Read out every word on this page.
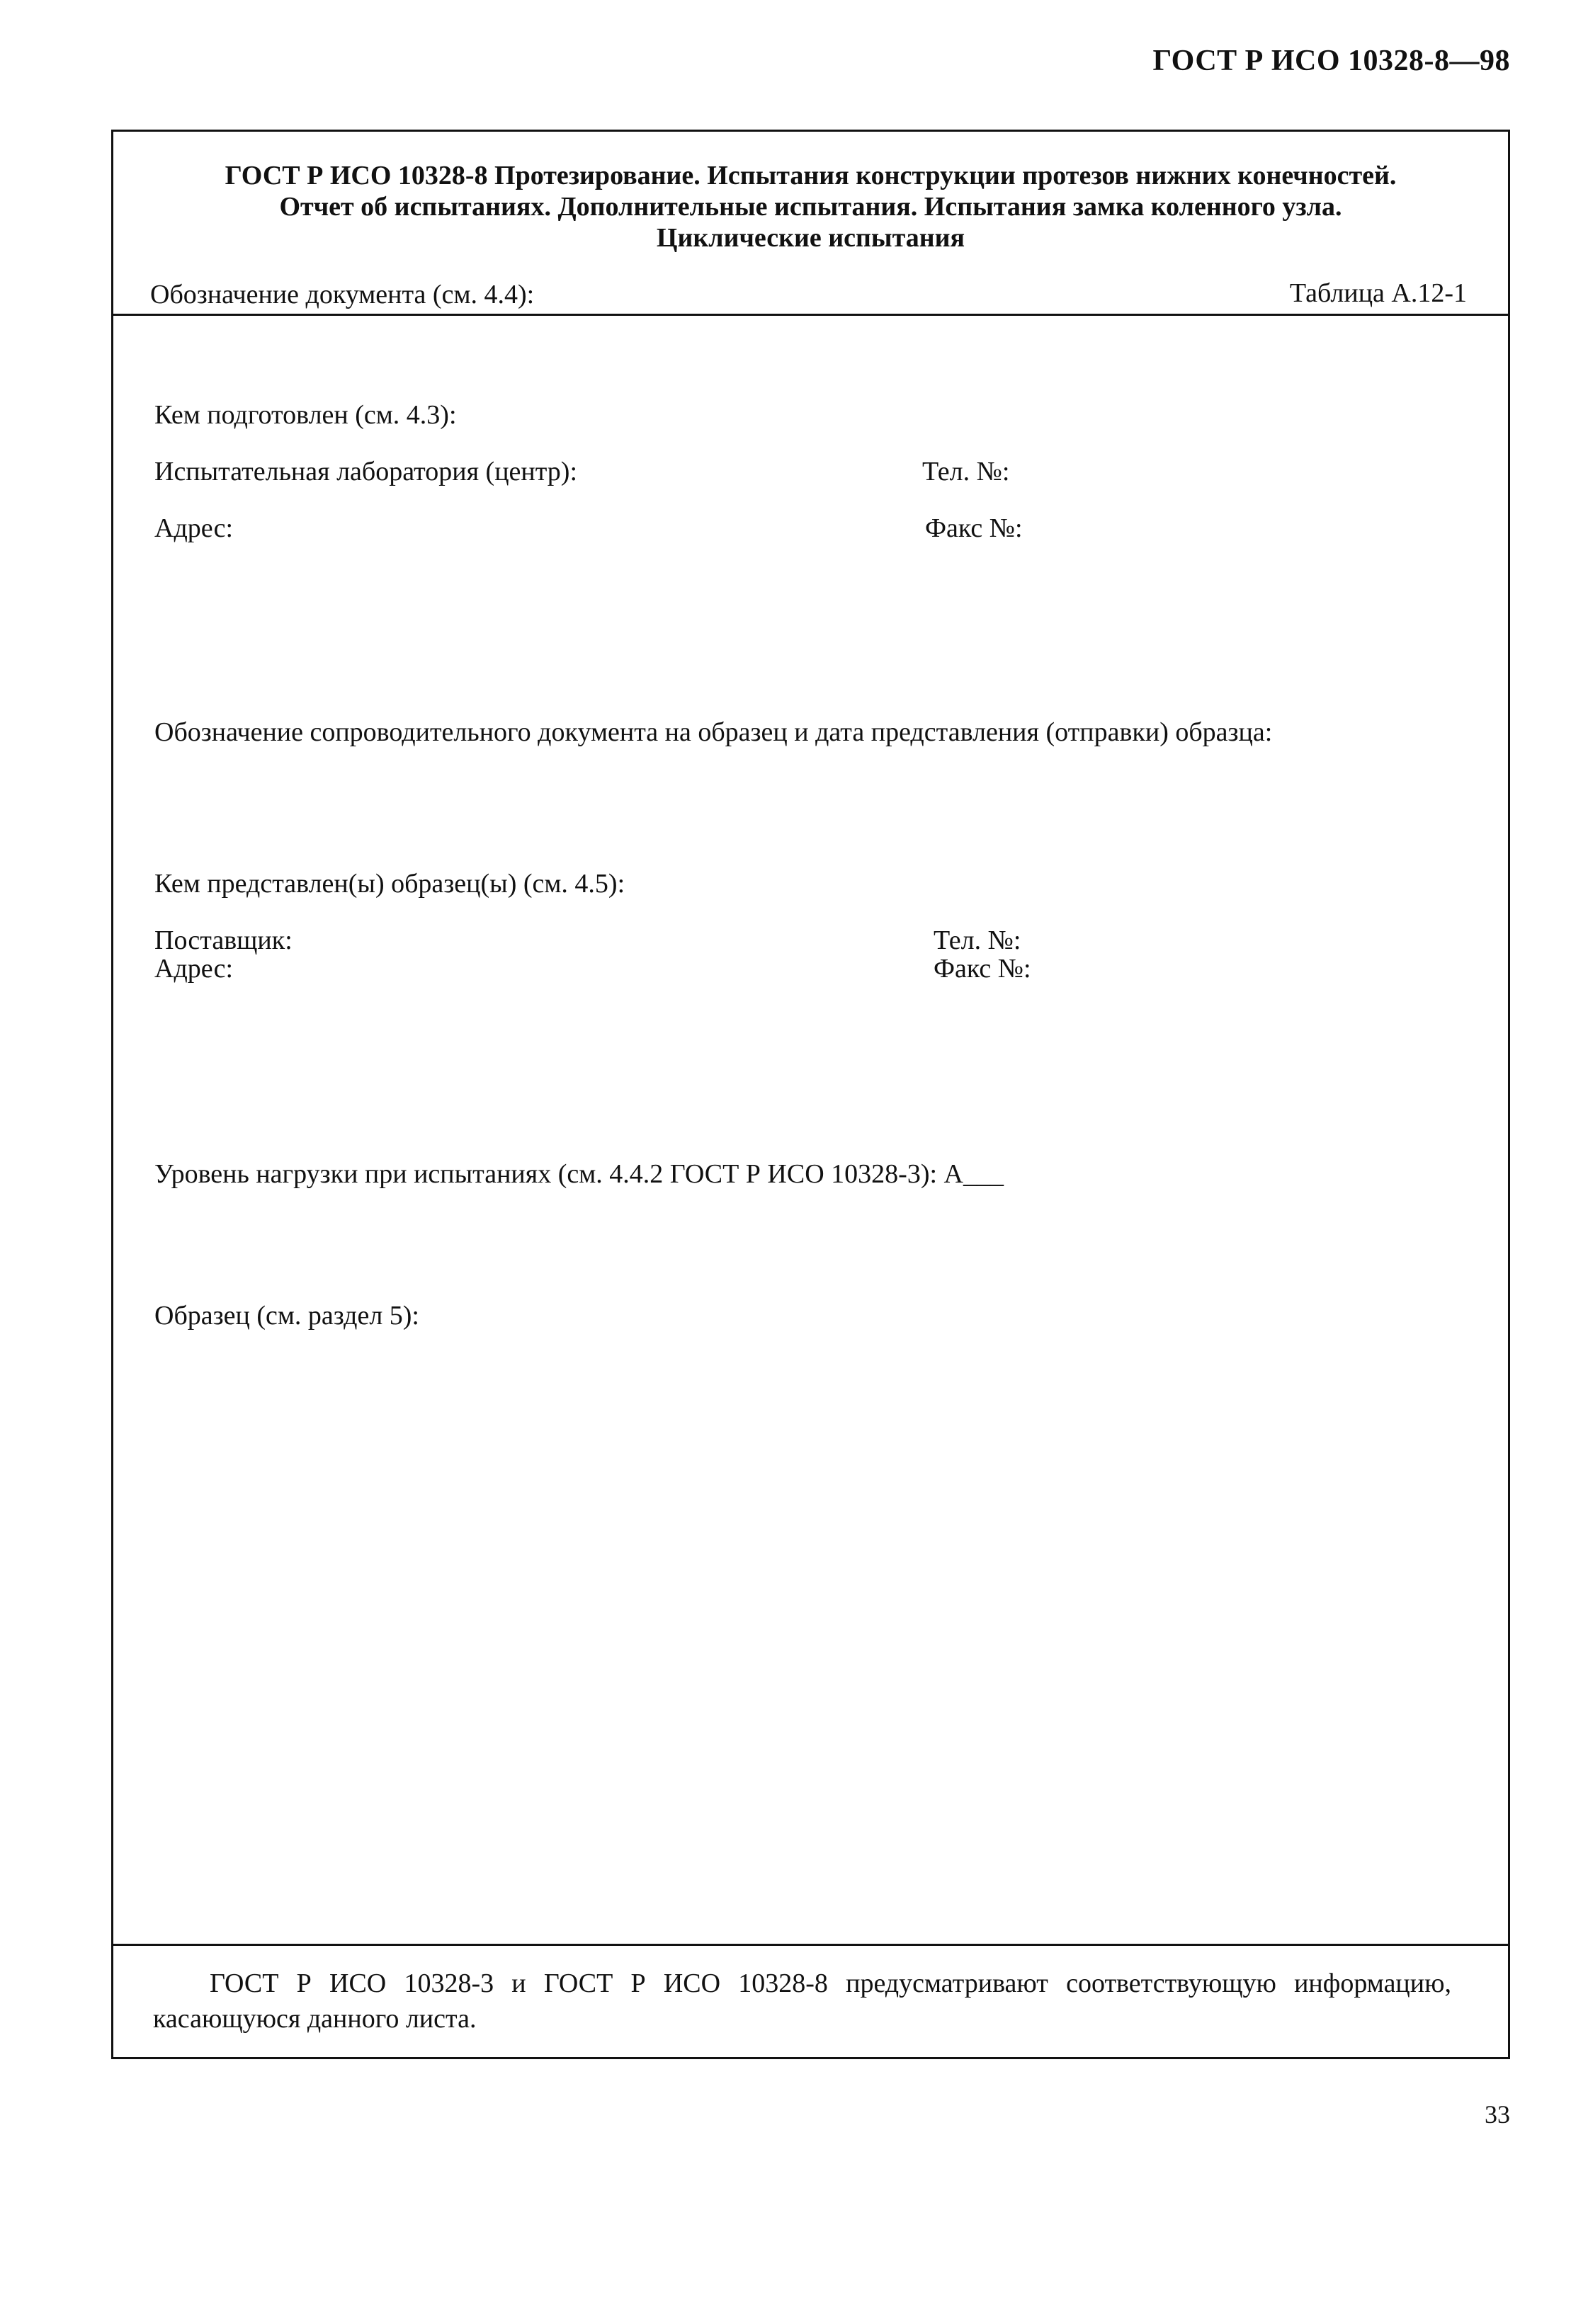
ГОСТ Р ИСО 10328-8—98
ГОСТ Р ИСО 10328-8 Протезирование. Испытания конструкции протезов нижних конечностей.
Отчет об испытаниях. Дополнительные испытания. Испытания замка коленного узла.
Циклические испытания
Обозначение документа (см. 4.4):	Таблица А.12-1
Кем подготовлен (см. 4.3):
Испытательная лаборатория (центр):	Тел. №:
Адрес:	Факс №:
Обозначение сопроводительного документа на образец и дата представления (отправки) образца:
Кем представлен(ы) образец(ы) (см. 4.5):
Поставщик:	Тел. №:
Адрес:	Факс №:
Уровень нагрузки при испытаниях (см. 4.4.2 ГОСТ Р ИСО 10328-3): А___
Образец (см. раздел 5):
ГОСТ Р ИСО 10328-3 и ГОСТ Р ИСО 10328-8 предусматривают соответствующую информацию, касающуюся данного листа.
33
